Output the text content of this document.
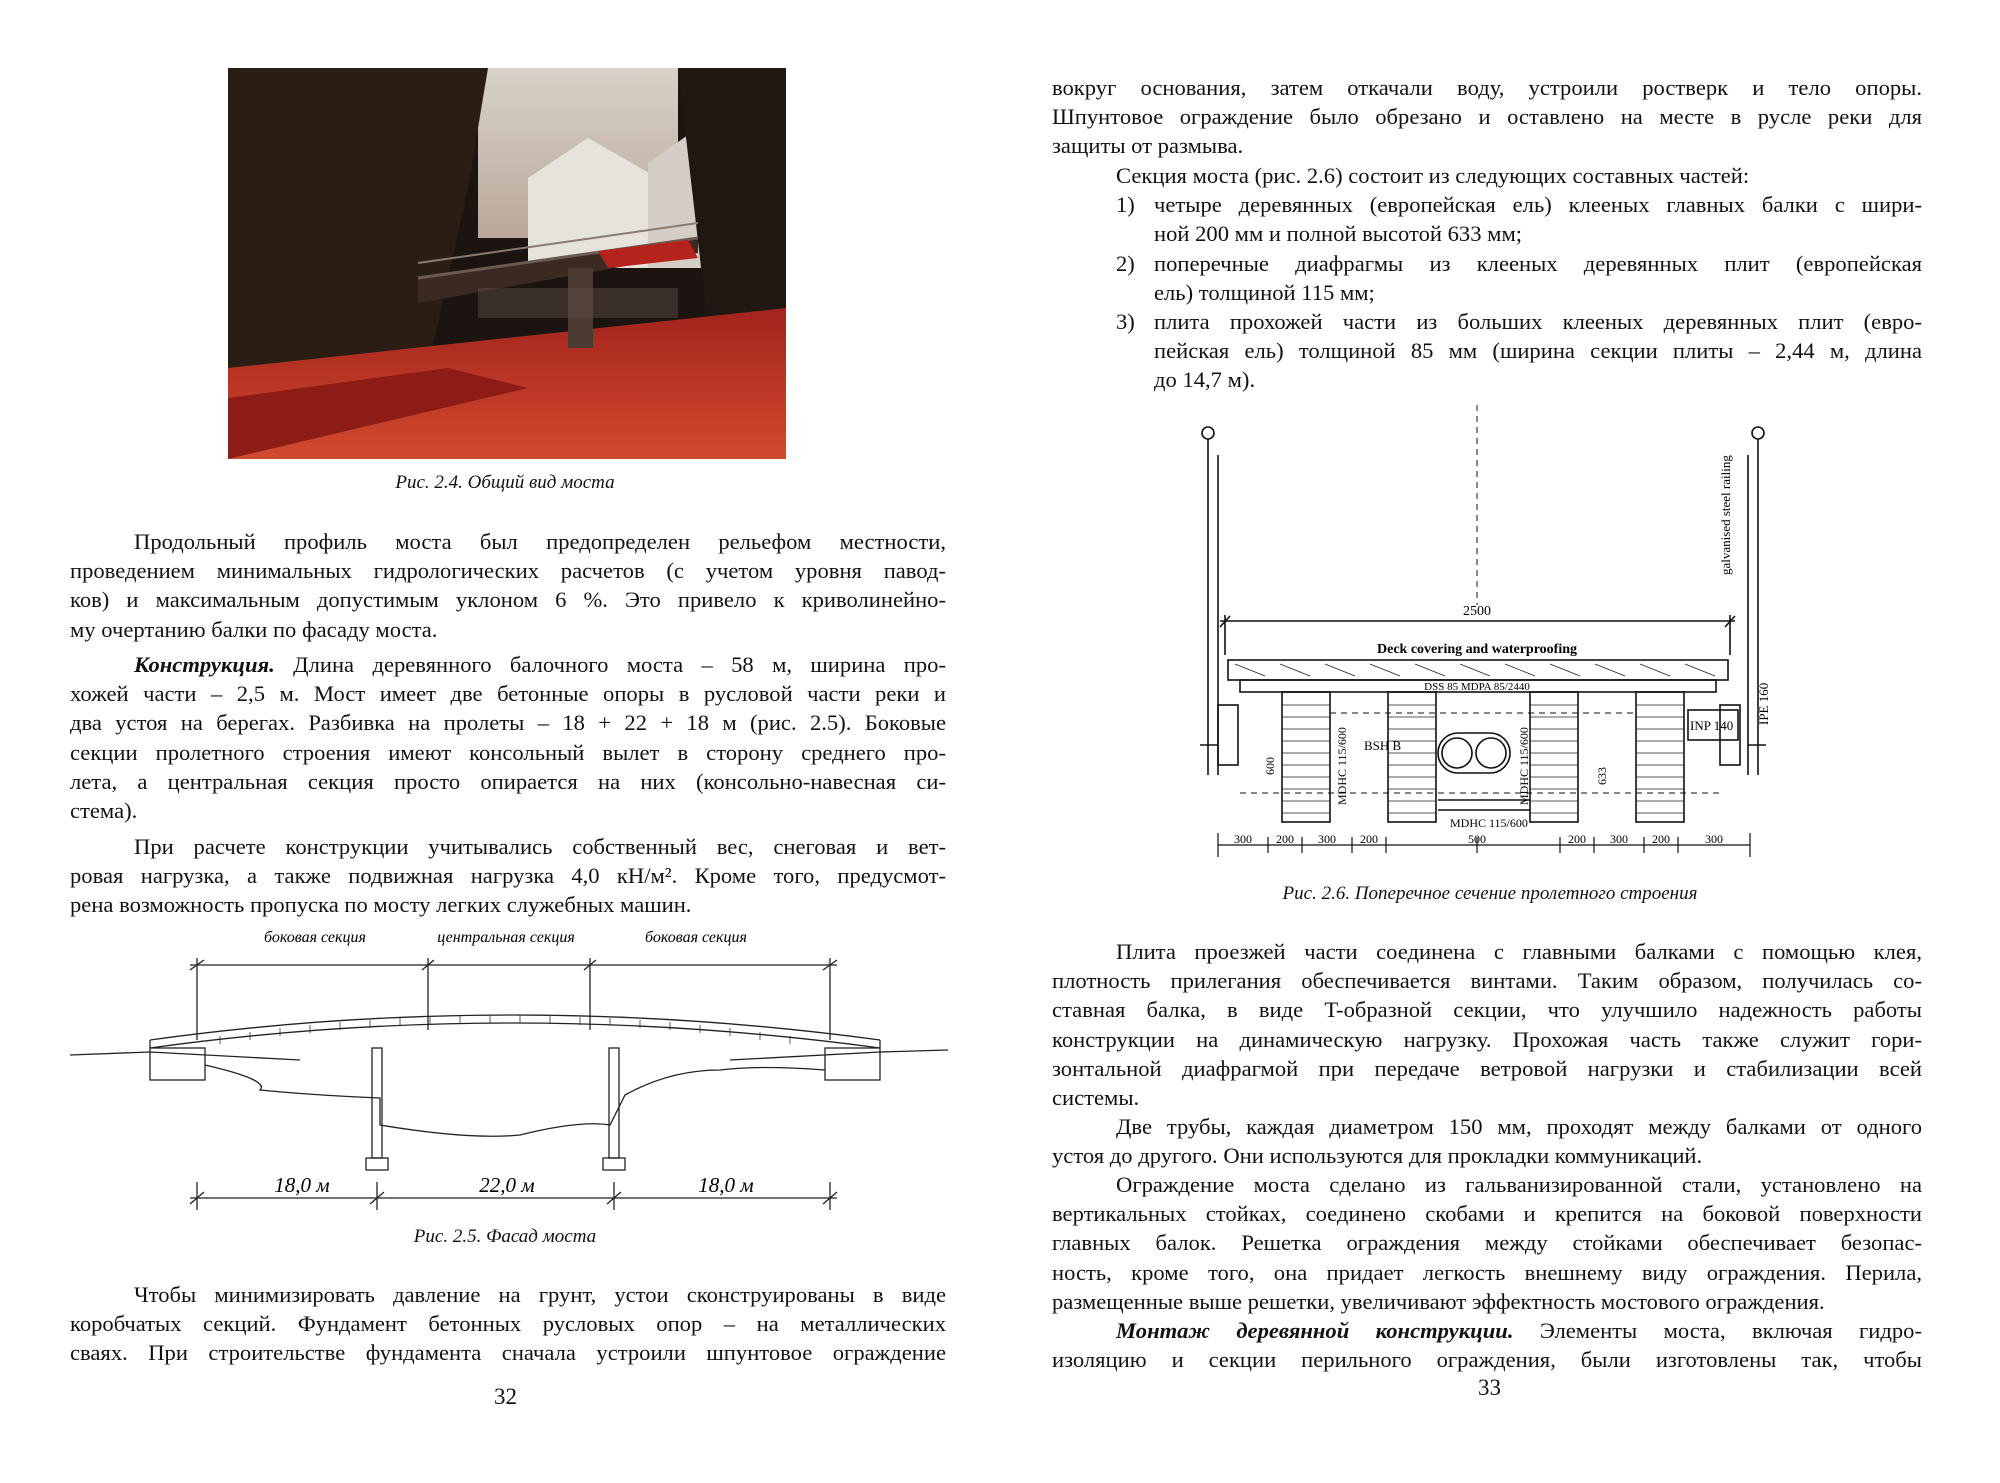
Рис. 2.4. Общий вид моста
Продольный профиль моста был предопределен рельефом местности,
проведением минимальных гидрологических расчетов (с учетом уровня павод-
ков) и максимальным допустимым уклоном 6 %. Это привело к криволинейно-
му очертанию балки по фасаду моста.
Конструкция. Длина деревянного балочного моста – 58 м, ширина про-
хожей части – 2,5 м. Мост имеет две бетонные опоры в русловой части реки и
два устоя на берегах. Разбивка на пролеты – 18 + 22 + 18 м (рис. 2.5). Боковые
секции пролетного строения имеют консольный вылет в сторону среднего про-
лета, а центральная секция просто опирается на них (консольно-навесная си-
стема).
При расчете конструкции учитывались собственный вес, снеговая и вет-
ровая нагрузка, а также подвижная нагрузка 4,0 кН/м². Кроме того, предусмот-
рена возможность пропуска по мосту легких служебных машин.
боковая секция	центральная секция	боковая секция
18,0 м	22,0 м	18,0 м
Рис. 2.5. Фасад моста
Чтобы минимизировать давление на грунт, устои сконструированы в виде
коробчатых секций. Фундамент бетонных русловых опор – на металлических
сваях. При строительстве фундамента сначала устроили шпунтовое ограждение
32
вокруг основания, затем откачали воду, устроили ростверк и тело опоры.
Шпунтовое ограждение было обрезано и оставлено на месте в русле реки для
защиты от размыва.
Секция моста (рис. 2.6) состоит из следующих составных частей:
1) четыре деревянных (европейская ель) клееных главных балки с шири-
ной 200 мм и полной высотой 633 мм;
2) поперечные диафрагмы из клееных деревянных плит (европейская
ель) толщиной 115 мм;
3) плита прохожей части из больших клееных деревянных плит (евро-
пейская ель) толщиной 85 мм (ширина секции плиты – 2,44 м, длина
до 14,7 м).
galvanised steel railing
2500
Deck covering and waterproofing
DSS 85 MDPA 85/2440
600	MDHC 115/600 BSH B	MDHC 115/600	633
INP 140
IPE 160
MDHC 115/600
300 200 300 200	500	200 300 200	300
Рис. 2.6. Поперечное сечение пролетного строения
Плита проезжей части соединена с главными балками с помощью клея,
плотность прилегания обеспечивается винтами. Таким образом, получилась со-
ставная балка, в виде T-образной секции, что улучшило надежность работы
конструкции на динамическую нагрузку. Прохожая часть также служит гори-
зонтальной диафрагмой при передаче ветровой нагрузки и стабилизации всей
системы.
Две трубы, каждая диаметром 150 мм, проходят между балками от одного
устоя до другого. Они используются для прокладки коммуникаций.
Ограждение моста сделано из гальванизированной стали, установлено на
вертикальных стойках, соединено скобами и крепится на боковой поверхности
главных балок. Решетка ограждения между стойками обеспечивает безопас-
ность, кроме того, она придает легкость внешнему виду ограждения. Перила,
размещенные выше решетки, увеличивают эффектность мостового ограждения.
Монтаж деревянной конструкции. Элементы моста, включая гидро-
изоляцию и секции перильного ограждения, были изготовлены так, чтобы
33
